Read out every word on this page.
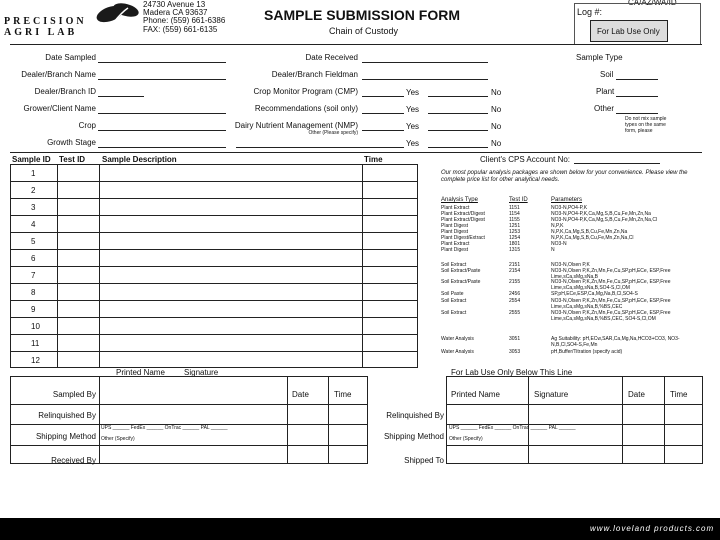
PRECISION AGRI LAB
24730 Avenue 13
Madera CA 93637
Phone: (559) 661-6386
FAX: (559) 661-6135
SAMPLE SUBMISSION FORM
Chain of Custody
CA/AZ/WA/ID
Log #:
For Lab Use Only
Date Sampled
Dealer/Branch Name
Dealer/Branch ID
Grower/Client Name
Crop
Growth Stage
Date Received
Dealer/Branch Fieldman
Crop Monitor Program (CMP)
Recommendations (soil only)
Dairy Nutrient Management (NMP)
Other (Please specify)
Yes	No
Yes	No
Yes	No
Yes	No
Sample Type
Soil
Plant
Other
Do not mix sample types on the same form, please
Sample ID Test ID Sample Description	Time
1
2
3
4
5
6
7
8
9
10
11
12
Client's CPS Account No:
Our most popular analysis packages are shown below for your convenience. Please view the complete price list for other analytical needs.
Analysis Type	Test ID	Parameters
Plant Extract	1151	NO3-N,PO4-P,K
Plant Extract/Digest	1154	NO3-N,PO4-P,K,Ca,Mg,S,B,Cu,Fe,Mn,Zn,Na
Plant Extract/Digest	1155	NO3-N,PO4-P,K,Ca,Mg,S,B,Cu,Fe,Mn,Zn,Na,Cl
Plant Digest	1251	N,P,K
Plant Digest	1253	N,P,K,Ca,Mg,S,B,Cu,Fe,Mn,Zn,Na
Plant Digest/Extract	1254	N,P,K,Ca,Mg,S,B,Cu,Fe,Mn,Zn,Na,Cl
Plant Extract	1801	NO3-N
Plant Digest	1315	N
Soil Extract	2151	NO3-N,Olsen P,K
Soil Extract/Paste	2154	NO3-N,Olsen P,K,Zn,Mn,Fe,Cu,SP,pH,ECe, ESP,Free Lime,sCa,sMg,sNa,B
Soil Extract/Paste	2155	NO3-N,Olsen P,K,Zn,Mn,Fe,Cu,SP,pH,ECe, ESP,Free Lime,sCa,sMg,sNa,B,SO4-S,Cl,OM
Soil Paste	2456	SP,pH,ECe,ESP,Ca,Mg,Na,B,Cl,SO4-S
Soil Extract	2554	NO3-N,Olsen P,K,Zn,Mn,Fe,Cu,SP,pH,ECe, ESP,Free Lime,sCa,sMg,sNa,B,%BS,CEC
Soil Extract	2555	NO3-N,Olsen P,K,Zn,Mn,Fe,Cu,SP,pH,ECe, ESP,Free Lime,sCa,sMg,sNa,B,%BS,CEC, SO4-S,Cl,OM
Water Analysis	3051	Ag Suitability: pH,ECw,SAR,Ca,Mg,Na,HCO3+CO3, NO3-N,B,Cl,SO4-S,Fe,Mn
Water Analysis	3053	pH,Buffer/Titration (specify acid)
Printed Name Signature
Date	Time
Sampled By
Relinquished By
Shipping Method
Received By
UPS ______ FedEx ______ OnTrac ______ PAL ______
Other (Specify)
For Lab Use Only Below This Line
Printed Name	Signature	Date	Time
Relinquished By
Shipping Method
Shipped To
UPS ______ FedEx ______ OnTrac ______ PAL ______
Other (Specify)
www.loveland products.com
